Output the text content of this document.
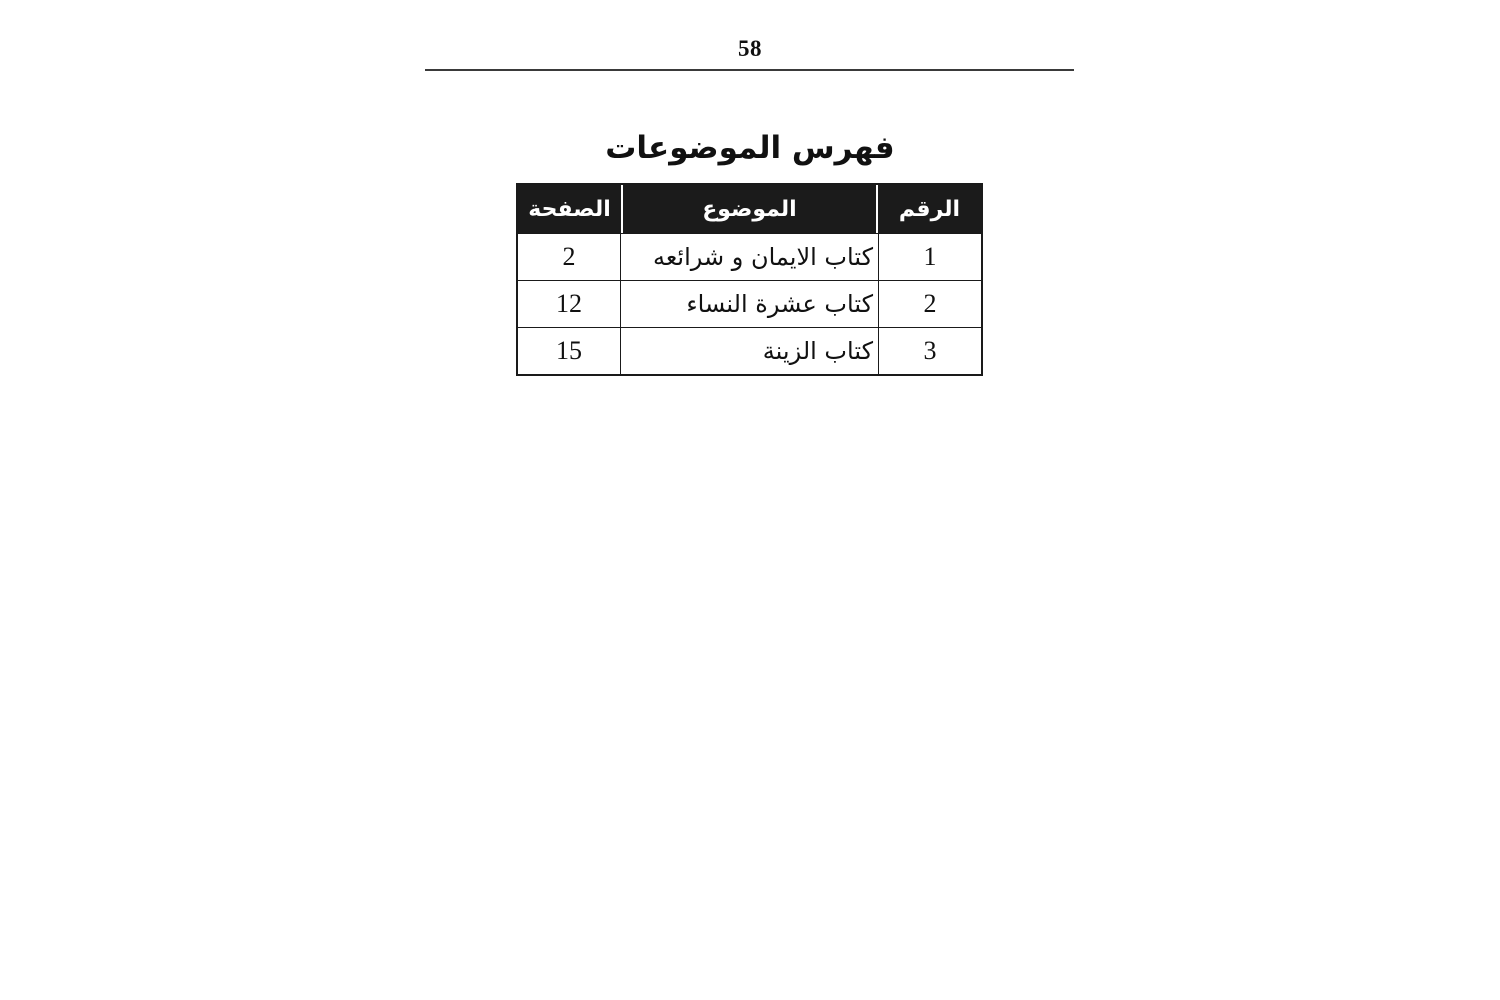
58
فهرس الموضوعات
الرقم
الموضوع
الصفحة
1
كتاب الايمان و شرائعه
2
2
كتاب عشرة النساء
12
3
كتاب الزينة
15
